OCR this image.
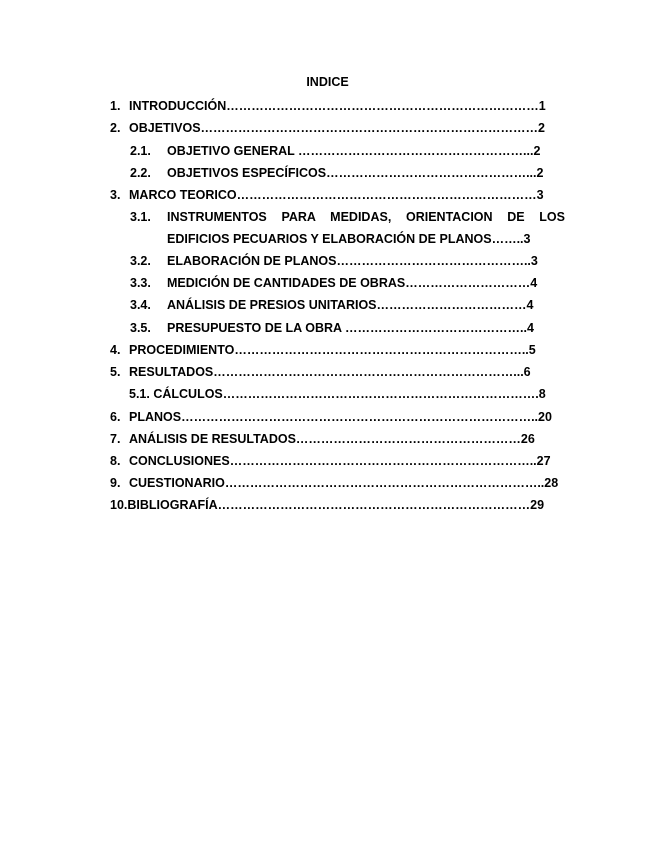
INDICE
1. INTRODUCCIÓN…………………………………………………………………1
2. OBJETIVOS………………………………………………………………………2
2.1. OBJETIVO GENERAL ………………………………………………...2
2.2. OBJETIVOS ESPECÍFICOS…………………………………………...2
3. MARCO TEORICO………………………………………………………………3
3.1. INSTRUMENTOS PARA MEDIDAS, ORIENTACION DE LOS
EDIFICIOS PECUARIOS Y ELABORACIÓN DE PLANOS……..3
3.2. ELABORACIÓN DE PLANOS………………………………………..3
3.3. MEDICIÓN DE CANTIDADES DE OBRAS…………………………4
3.4. ANÁLISIS DE PRESIOS UNITARIOS………………………………4
3.5. PRESUPUESTO DE LA OBRA ……………………………………..4
4. PROCEDIMIENTO……………………………………………………………..5
5. RESULTADOS………………………………………………………………...6
5.1. CÁLCULOS………………………………………………………………….8
6. PLANOS…………………………………………………………………………..20
7. ANÁLISIS DE RESULTADOS………………………………………………26
8. CONCLUSIONES………………………………………………………………..27
9. CUESTIONARIO…………………………………………………………………..28
10.BIBLIOGRAFÍA…………………………………………………………………29
